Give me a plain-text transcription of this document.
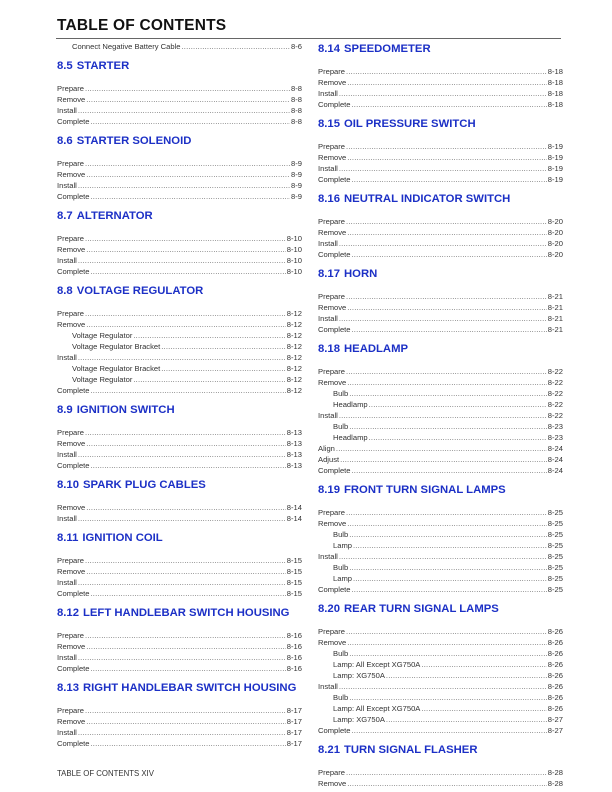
TABLE OF CONTENTS
Connect Negative Battery Cable .....	8-6
8.5 STARTER
Prepare .....	8-8
Remove .....	8-8
Install .....	8-8
Complete .....	8-8
8.6 STARTER SOLENOID
Prepare .....	8-9
Remove .....	8-9
Install .....	8-9
Complete .....	8-9
8.7 ALTERNATOR
Prepare .....	8-10
Remove .....	8-10
Install .....	8-10
Complete .....	8-10
8.8 VOLTAGE REGULATOR
Prepare .....	8-12
Remove .....	8-12
Voltage Regulator .....	8-12
Voltage Regulator Bracket .....	8-12
Install .....	8-12
Voltage Regulator Bracket .....	8-12
Voltage Regulator .....	8-12
Complete .....	8-12
8.9 IGNITION SWITCH
Prepare .....	8-13
Remove .....	8-13
Install .....	8-13
Complete .....	8-13
8.10 SPARK PLUG CABLES
Remove .....	8-14
Install .....	8-14
8.11 IGNITION COIL
Prepare .....	8-15
Remove .....	8-15
Install .....	8-15
Complete .....	8-15
8.12 LEFT HANDLEBAR SWITCH HOUSING
Prepare .....	8-16
Remove .....	8-16
Install .....	8-16
Complete .....	8-16
8.13 RIGHT HANDLEBAR SWITCH HOUSING
Prepare .....	8-17
Remove .....	8-17
Install .....	8-17
Complete .....	8-17
8.14 SPEEDOMETER
Prepare .....	8-18
Remove .....	8-18
Install .....	8-18
Complete .....	8-18
8.15 OIL PRESSURE SWITCH
Prepare .....	8-19
Remove .....	8-19
Install .....	8-19
Complete .....	8-19
8.16 NEUTRAL INDICATOR SWITCH
Prepare .....	8-20
Remove .....	8-20
Install .....	8-20
Complete .....	8-20
8.17 HORN
Prepare .....	8-21
Remove .....	8-21
Install .....	8-21
Complete .....	8-21
8.18 HEADLAMP
Prepare .....	8-22
Remove .....	8-22
Bulb .....	8-22
Headlamp .....	8-22
Install .....	8-22
Bulb .....	8-23
Headlamp .....	8-23
Align .....	8-24
Adjust .....	8-24
Complete .....	8-24
8.19 FRONT TURN SIGNAL LAMPS
Prepare .....	8-25
Remove .....	8-25
Bulb .....	8-25
Lamp .....	8-25
Install .....	8-25
Bulb .....	8-25
Lamp .....	8-25
Complete .....	8-25
8.20 REAR TURN SIGNAL LAMPS
Prepare .....	8-26
Remove .....	8-26
Bulb .....	8-26
Lamp: All Except XG750A .....	8-26
Lamp: XG750A .....	8-26
Install .....	8-26
Bulb .....	8-26
Lamp: All Except XG750A .....	8-26
Lamp: XG750A .....	8-27
Complete .....	8-27
8.21 TURN SIGNAL FLASHER
Prepare .....	8-28
Remove .....	8-28
TABLE OF CONTENTS XIV
